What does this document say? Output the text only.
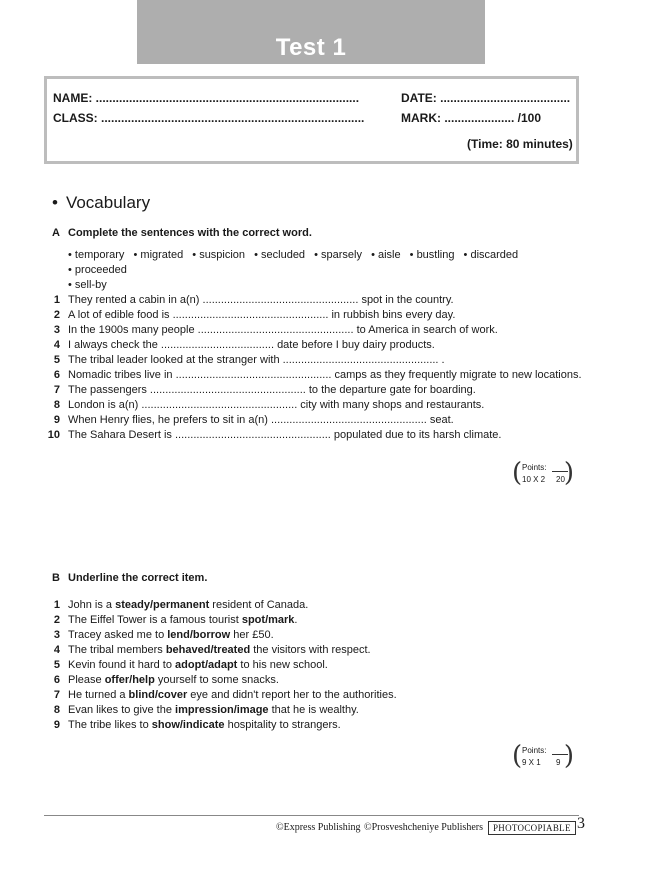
Test 1
NAME: ...............................................................................	DATE: .......................................
CLASS: ...............................................................................	MARK: ..................... /100
(Time: 80 minutes)
• Vocabulary
A Complete the sentences with the correct word.
• temporary • migrated • suspicion • secluded • sparsely • aisle • bustling • discarded • proceeded
• sell-by
1 They rented a cabin in a(n) ................................................... spot in the country.
2 A lot of edible food is ................................................... in rubbish bins every day.
3 In the 1900s many people ................................................... to America in search of work.
4 I always check the ..................................... date before I buy dairy products.
5 The tribal leader looked at the stranger with ................................................... .
6 Nomadic tribes live in ................................................... camps as they frequently migrate to new locations.
7 The passengers ................................................... to the departure gate for boarding.
8 London is a(n) ................................................... city with many shops and restaurants.
9 When Henry flies, he prefers to sit in a(n) ................................................... seat.
10 The Sahara Desert is ................................................... populated due to its harsh climate.
( Points:
10 X 2 20
)
B Underline the correct item.
1 John is a steady/permanent resident of Canada.
2 The Eiffel Tower is a famous tourist spot/mark.
3 Tracey asked me to lend/borrow her £50.
4 The tribal members behaved/treated the visitors with respect.
5 Kevin found it hard to adopt/adapt to his new school.
6 Please offer/help yourself to some snacks.
7 He turned a blind/cover eye and didn't report her to the authorities.
8 Evan likes to give the impression/image that he is wealthy.
9 The tribe likes to show/indicate hospitality to strangers.
( Points:
9 X 1 9 )
©Express Publishing ©Prosveshcheniye Publishers	PHOTOCOPIABLE 3
